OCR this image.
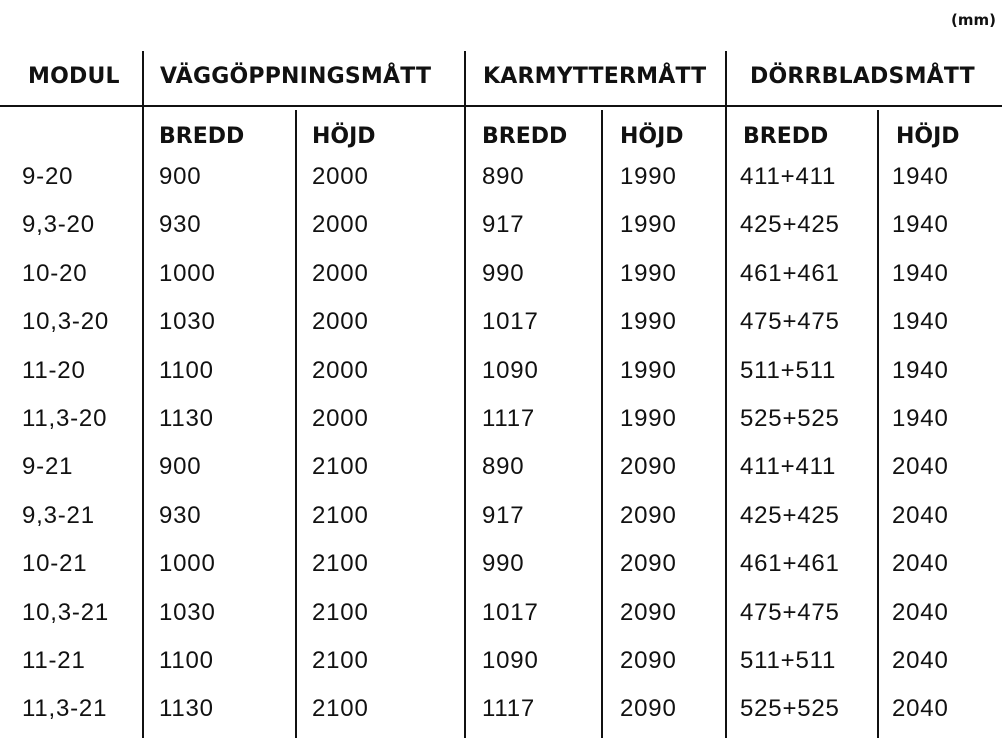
(mm)
MODUL VÄGGÖPPNINGSMÅTT KARMYTTERMÅTT DÖRRBLADSMÅTT
BREDD	HÖJD	BREDD HÖJD	BREDD	HÖJD
9-20	900	2000	890	1990	411+411 1940
9,3-20	930	2000	917	1990	425+425 1940
10-20	1000	2000	990	1990	461+461 1940
10,3-20 1030	2000	1017	1990	475+475 1940
11-20	1100	2000	1090	1990	511+511 1940
11,3-20 1130	2000	1117	1990	525+525 1940
9-21	900	2100	890	2090	411+411 2040
9,3-21	930	2100	917	2090	425+425 2040
10-21	1000	2100	990	2090	461+461 2040
10,3-21 1030	2100	1017	2090	475+475 2040
11-21	1100	2100	1090	2090	511+511 2040
11,3-21 1130	2100	1117	2090	525+525 2040
